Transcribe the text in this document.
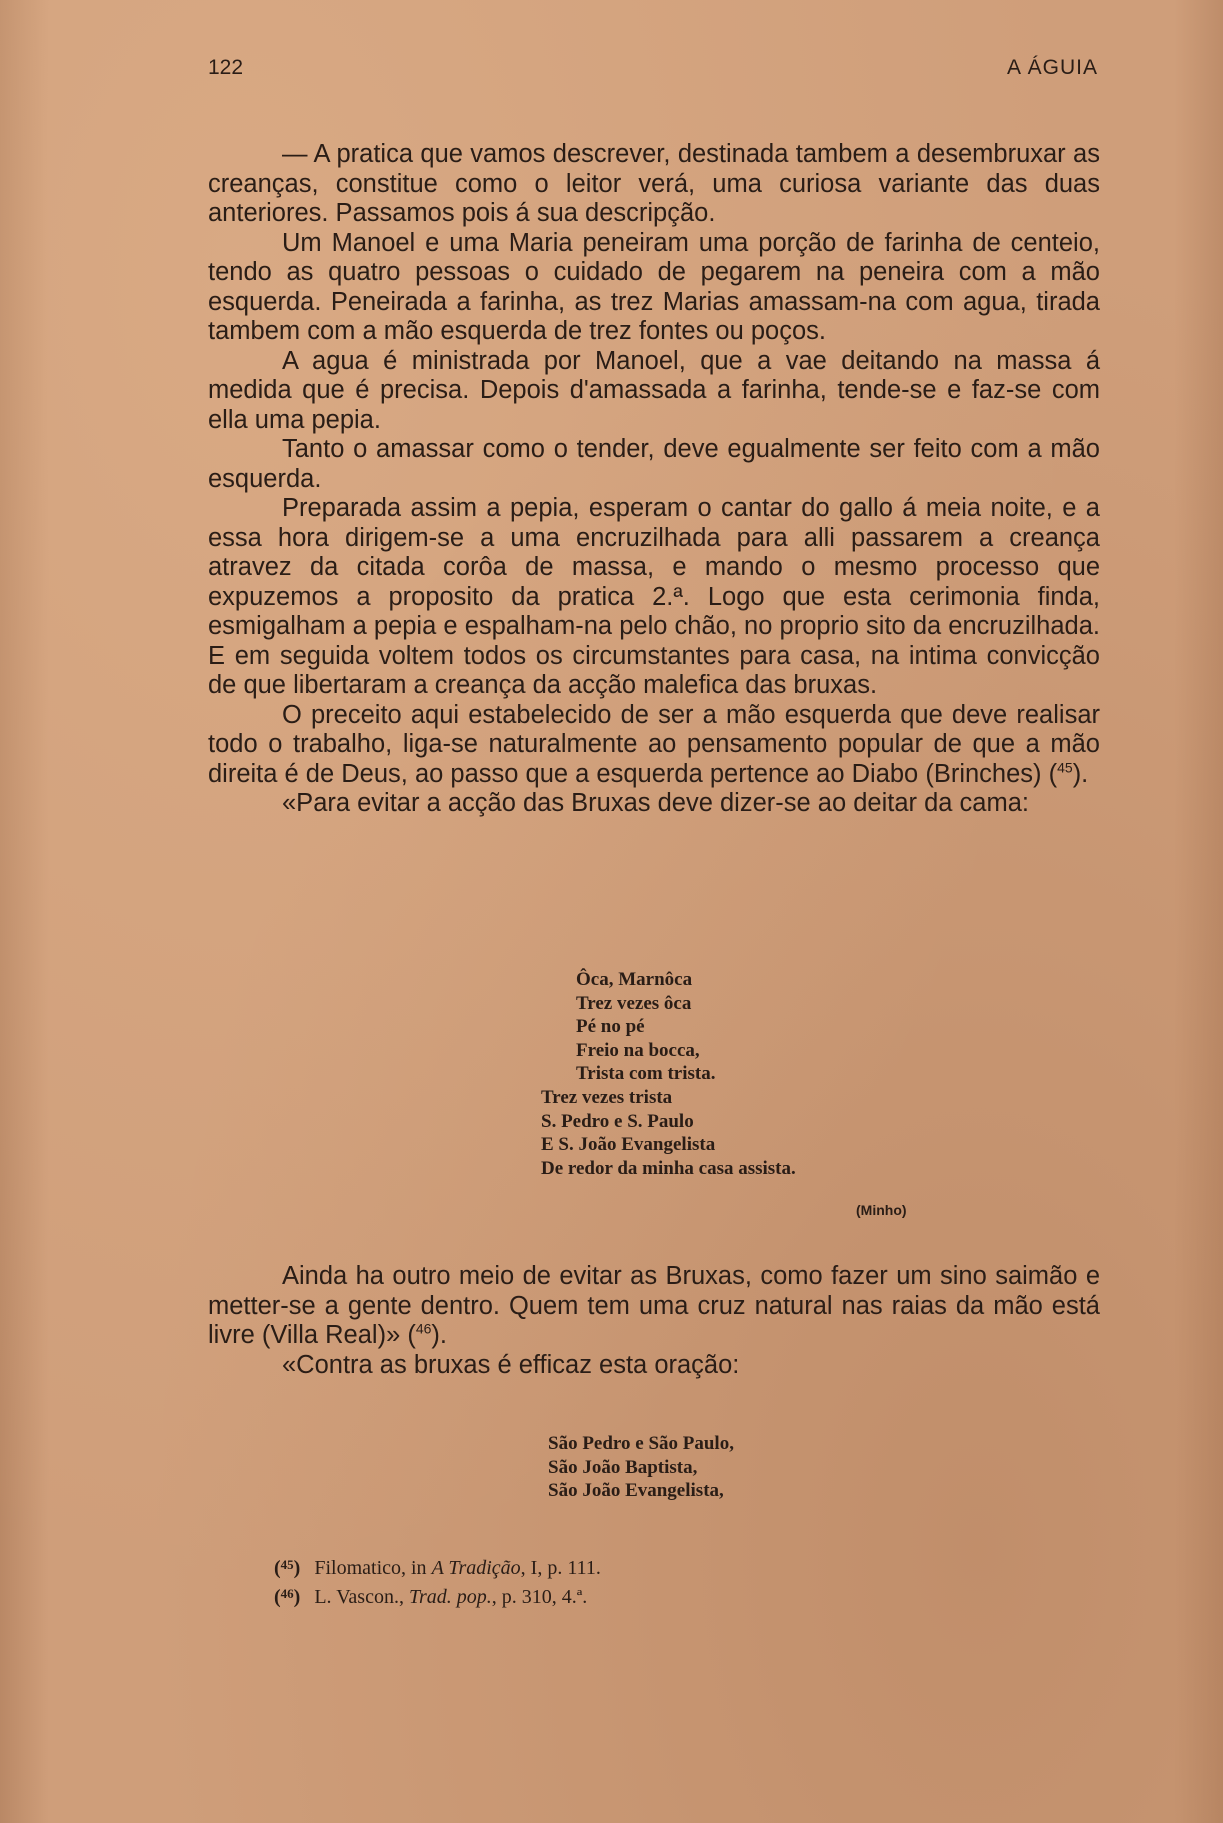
122	A ÁGUIA

— A pratica que vamos descrever, destinada tambem a desembruxar as creanças, constitue como o leitor verá, uma curiosa variante das duas anteriores. Passamos pois á sua descripção.

Um Manoel e uma Maria peneiram uma porção de farinha de centeio, tendo as quatro pessoas o cuidado de pegarem na peneira com a mão esquerda. Peneirada a farinha, as trez Marias amassam-na com agua, tirada tambem com a mão esquerda de trez fontes ou poços.

A agua é ministrada por Manoel, que a vae deitando na massa á medida que é precisa. Depois d'amassada a farinha, tende-se e faz-se com ella uma pepia.

Tanto o amassar como o tender, deve egualmente ser feito com a mão esquerda.

Preparada assim a pepia, esperam o cantar do gallo á meia noite, e a essa hora dirigem-se a uma encruzilhada para alli passarem a creança atravez da citada corôa de massa, e mando o mesmo processo que expuzemos a proposito da pratica 2.ª. Logo que esta cerimonia finda, esmigalham a pepia e espalham-na pelo chão, no proprio sito da encruzilhada. E em seguida voltem todos os circumstantes para casa, na intima convicção de que libertaram a creança da acção malefica das bruxas.

O preceito aqui estabelecido de ser a mão esquerda que deve realisar todo o trabalho, liga-se naturalmente ao pensamento popular de que a mão direita é de Deus, ao passo que a esquerda pertence ao Diabo (Brinches) ($^{45}$).

«Para evitar a acção das Bruxas deve dizer-se ao deitar da cama:

Ôca, Marnôca
Trez vezes ôca
Pé no pé
Freio na bocca,
Trista com trista.
Trez vezes trista
S. Pedro e S. Paulo
E S. João Evangelista
De redor da minha casa assista.
(Minho)

Ainda ha outro meio de evitar as Bruxas, como fazer um sino saimão e metter-se a gente dentro. Quem tem uma cruz natural nas raias da mão está livre (Villa Real)» ($^{46}$).

«Contra as bruxas é efficaz esta oração:

São Pedro e São Paulo,
São João Baptista,
São João Evangelista,
($^{45}$) Filomatico, in A Tradição, I, p. 111.
($^{46}$) L. Vascon., Trad. pop., p. 310, 4.ª.
